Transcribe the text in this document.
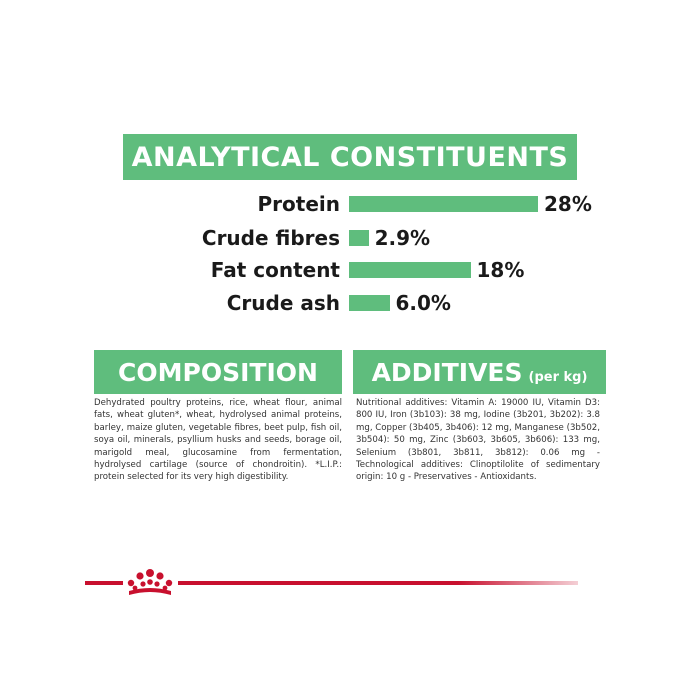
ANALYTICAL CONSTITUENTS
Protein	28%
Crude fibres 2.9%
Fat content	18%
Crude ash	6.0%
COMPOSITION
Dehydrated poultry proteins, rice, wheat flour, animal fats, wheat gluten*, wheat, hydrolysed animal proteins, barley, maize gluten, vegetable fibres, beet pulp, fish oil, soya oil, minerals, psyllium husks and seeds, borage oil, marigold meal, glucosamine from fermentation, hydrolysed cartilage (source of chondroitin). *L.I.P.: protein selected for its very high digestibility.
ADDITIVES (per kg)
Nutritional additives: Vitamin A: 19000 IU, Vitamin D3: 800 IU, Iron (3b103): 38 mg, Iodine (3b201, 3b202): 3.8 mg, Copper (3b405, 3b406): 12 mg, Manganese (3b502, 3b504): 50 mg, Zinc (3b603, 3b605, 3b606): 133 mg, Selenium (3b801, 3b811, 3b812): 0.06 mg - Technological additives: Clinoptilolite of sedimentary origin: 10 g - Preservatives - Antioxidants.
